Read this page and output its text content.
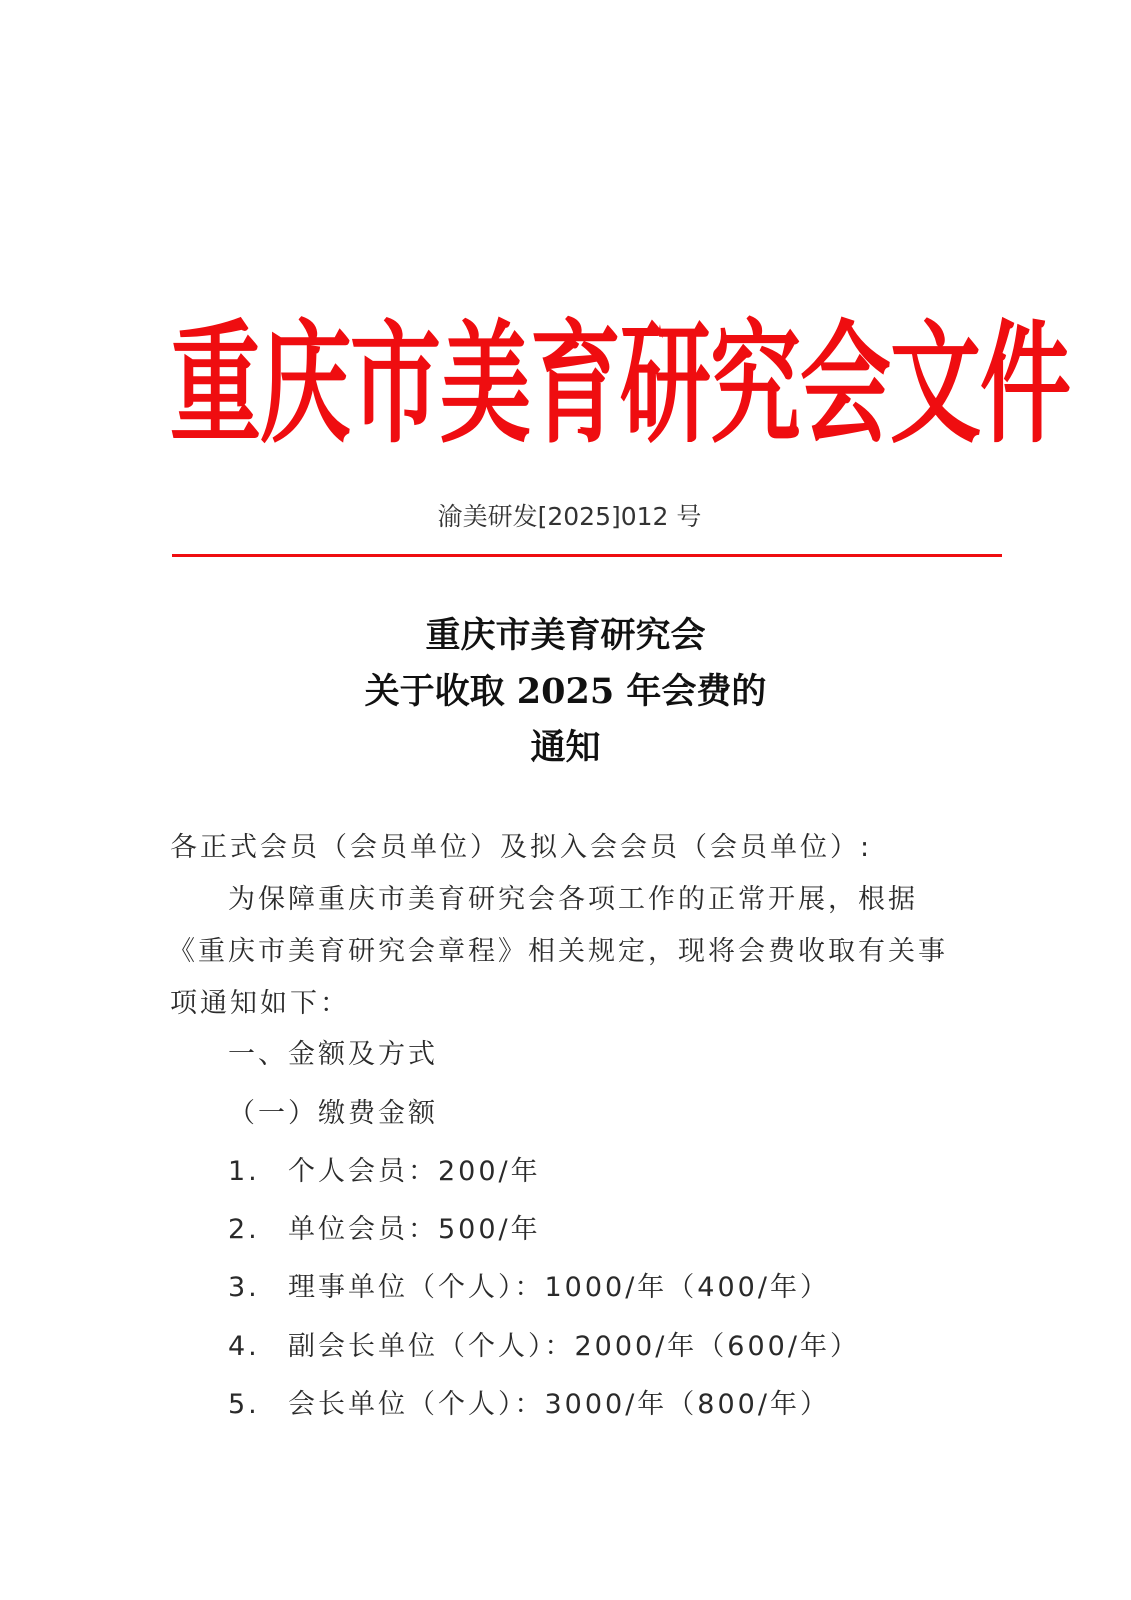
重庆市美育研究会文件
渝美研发[2025]012 号
重庆市美育研究会
关于收取 2025 年会费的
通知
各正式会员（会员单位）及拟入会会员（会员单位）:
为保障重庆市美育研究会各项工作的正常开展，根据
《重庆市美育研究会章程》相关规定，现将会费收取有关事
项通知如下：
一、金额及方式
（一）缴费金额
1. 个人会员：200/年
2. 单位会员：500/年
3. 理事单位（个人）：1000/年（400/年）
4. 副会长单位（个人）：2000/年（600/年）
5. 会长单位（个人）：3000/年（800/年）
